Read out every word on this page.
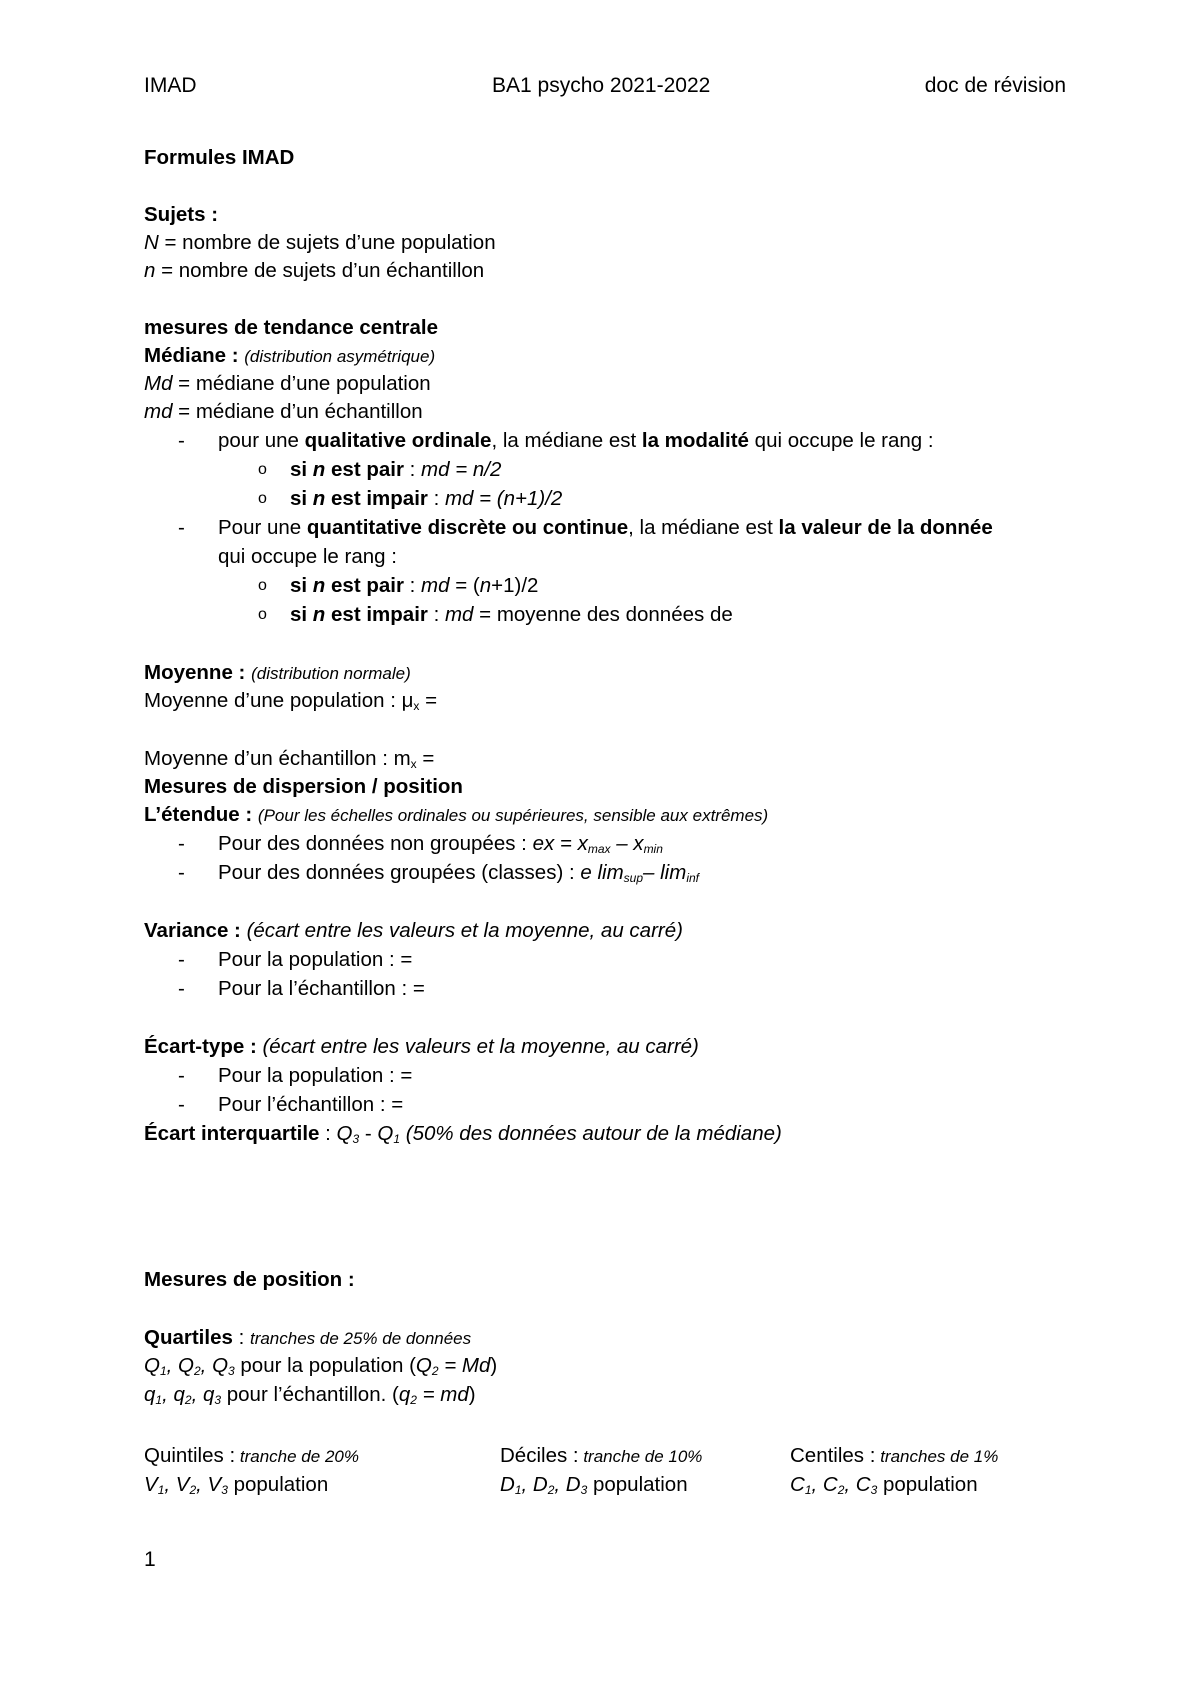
IMAD	BA1 psycho 2021-2022	doc de révision
Formules IMAD
Sujets :
N = nombre de sujets d’une population
n = nombre de sujets d’un échantillon
mesures de tendance centrale
Médiane : (distribution asymétrique)
Md = médiane d’une population
md = médiane d’un échantillon
- pour une qualitative ordinale, la médiane est la modalité qui occupe le rang :
o si n est pair : md = n/2
o si n est impair : md = (n+1)/2
- Pour une quantitative discrète ou continue, la médiane est la valeur de la donnée
qui occupe le rang :
o si n est pair : md = (n+1)/2
o si n est impair : md = moyenne des données de
Moyenne : (distribution normale)
Moyenne d’une population : $\mu_x$ =
Moyenne d’un échantillon : $m_x$ =
Mesures de dispersion / position
L’étendue : (Pour les échelles ordinales ou supérieures, sensible aux extrêmes)
- Pour des données non groupées : ex = $x_{max} - x_{min}$
- Pour des données groupées (classes) : e $\lim_{sup}-$ $\lim_{inf}$
Variance : (écart entre les valeurs et la moyenne, au carré)
- Pour la population : =
- Pour la l’échantillon : =
Écart-type : (écart entre les valeurs et la moyenne, au carré)
- Pour la population : =
- Pour l’échantillon : =
Écart interquartile : $Q_3 - Q_1$ (50% des données autour de la médiane)
Mesures de position :
Quartiles : tranches de 25% de données
$Q_1$, $Q_2$, $Q_3$ pour la population $(Q_2 = Md)$
$q_1$, $q_2$, $q_3$ pour l’échantillon. $(q_2 = md)$
Quintiles : tranche de 20%	Déciles : tranche de 10%	Centiles : tranches de 1%
$V_1$, $V_2$, $V_3$ population	$D_1$, $D_2$, $D_3$ population	$C_1$, $C_2$, $C_3$ population
1
